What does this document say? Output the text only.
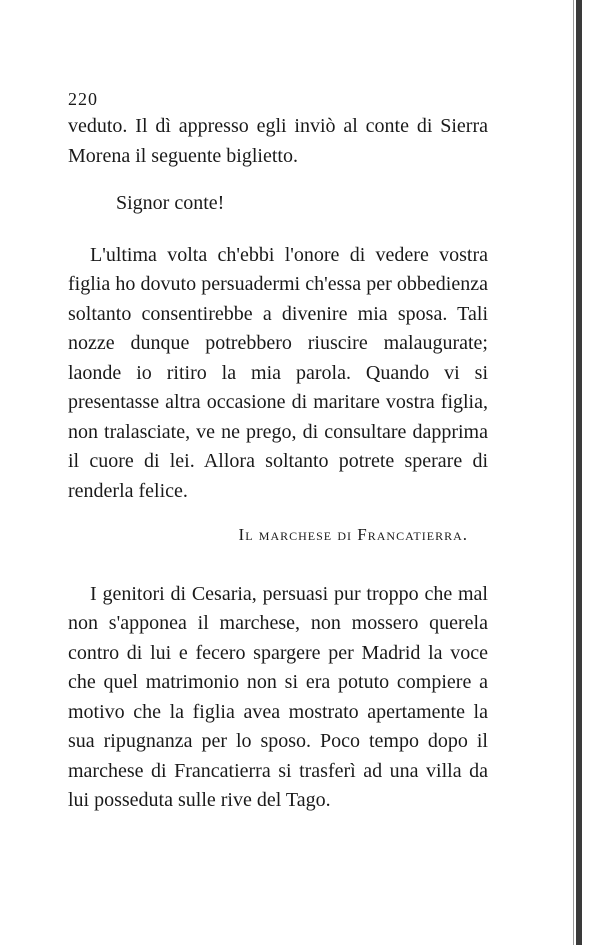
220

veduto. Il dì appresso egli inviò al conte di Sierra Morena il seguente biglietto.

Signor conte!

L'ultima volta ch'ebbi l'onore di vedere vostra figlia ho dovuto persuadermi ch'essa per obbedienza soltanto consentirebbe a divenire mia sposa. Tali nozze dunque potrebbero riuscire malaugurate; laonde io ritiro la mia parola. Quando vi si presentasse altra occasione di maritare vostra figlia, non tralasciate, ve ne prego, di consultare dapprima il cuore di lei. Allora soltanto potrete sperare di renderla felice.

Il marchese di Francatierra.

I genitori di Cesaria, persuasi pur troppo che mal non s'apponea il marchese, non mossero querela contro di lui e fecero spargere per Madrid la voce che quel matrimonio non si era potuto compiere a motivo che la figlia avea mostrato apertamente la sua ripugnanza per lo sposo. Poco tempo dopo il marchese di Francatierra si trasferì ad una villa da lui posseduta sulle rive del Tago.
